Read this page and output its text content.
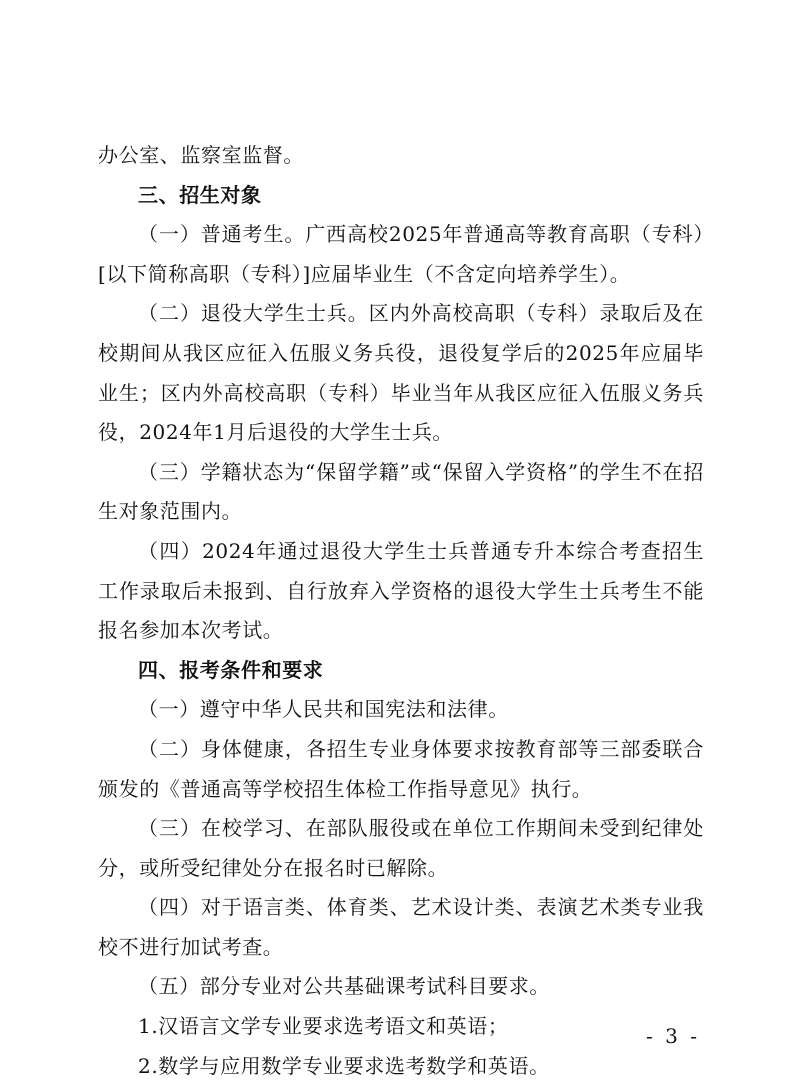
办公室、监察室监督。

三、招生对象

（一）普通考生。广西高校2025年普通高等教育高职（专科）[以下简称高职（专科）]应届毕业生（不含定向培养学生）。

（二）退役大学生士兵。区内外高校高职（专科）录取后及在校期间从我区应征入伍服义务兵役，退役复学后的2025年应届毕业生；区内外高校高职（专科）毕业当年从我区应征入伍服义务兵役，2024年1月后退役的大学生士兵。

（三）学籍状态为“保留学籍”或“保留入学资格”的学生不在招生对象范围内。

（四）2024年通过退役大学生士兵普通专升本综合考查招生工作录取后未报到、自行放弃入学资格的退役大学生士兵考生不能报名参加本次考试。

四、报考条件和要求

（一）遵守中华人民共和国宪法和法律。

（二）身体健康，各招生专业身体要求按教育部等三部委联合颁发的《普通高等学校招生体检工作指导意见》执行。

（三）在校学习、在部队服役或在单位工作期间未受到纪律处分，或所受纪律处分在报名时已解除。

（四）对于语言类、体育类、艺术设计类、表演艺术类专业我校不进行加试考查。

（五）部分专业对公共基础课考试科目要求。

1.汉语言文学专业要求选考语文和英语；

2.数学与应用数学专业要求选考数学和英语。

- 3 -
